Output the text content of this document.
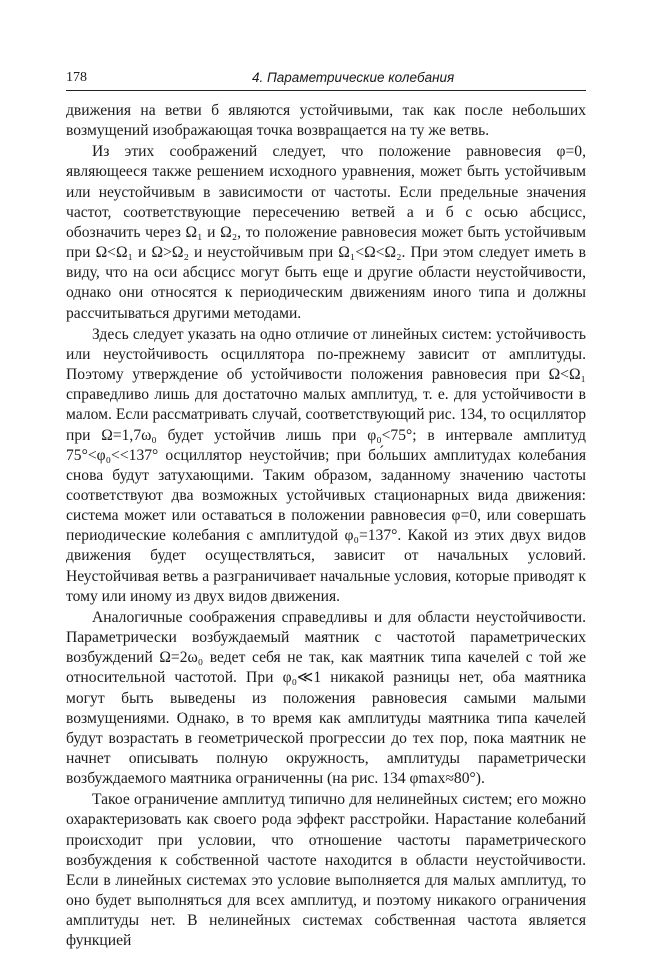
178	4. Параметрические колебания

движения на ветви б являются устойчивыми, так как после небольших возмущений изображающая точка возвращается на ту же ветвь.

Из этих соображений следует, что положение равновесия φ=0, являющееся также решением исходного уравнения, может быть устойчивым или неустойчивым в зависимости от частоты. Если предельные значения частот, соответствующие пересечению ветвей а и б с осью абсцисс, обозначить через Ω₁ и Ω₂, то положение равновесия может быть устойчивым при Ω<Ω₁ и Ω>Ω₂ и неустойчивым при Ω₁<Ω<Ω₂. При этом следует иметь в виду, что на оси абсцисс могут быть еще и другие области неустойчивости, однако они относятся к периодическим движениям иного типа и должны рассчитываться другими методами.

Здесь следует указать на одно отличие от линейных систем: устойчивость или неустойчивость осциллятора по-прежнему зависит от амплитуды. Поэтому утверждение об устойчивости положения равновесия при Ω<Ω₁ справедливо лишь для достаточно малых амплитуд, т. е. для устойчивости в малом. Если рассматривать случай, соответствующий рис. 134, то осциллятор при Ω=1,7ω₀ будет устойчив лишь при φ₀<75°; в интервале амплитуд 75°<φ₀<<137° осциллятор неустойчив; при бо́льших амплитудах колебания снова будут затухающими. Таким образом, заданному значению частоты соответствуют два возможных устойчивых стационарных вида движения: система может или оставаться в положении равновесия φ=0, или совершать периодические колебания с амплитудой φ₀=137°. Какой из этих двух видов движения будет осуществляться, зависит от начальных условий. Неустойчивая ветвь а разграничивает начальные условия, которые приводят к тому или иному из двух видов движения.

Аналогичные соображения справедливы и для области неустойчивости. Параметрически возбуждаемый маятник с частотой параметрических возбуждений Ω=2ω₀ ведет себя не так, как маятник типа качелей с той же относительной частотой. При φ₀≪1 никакой разницы нет, оба маятника могут быть выведены из положения равновесия самыми малыми возмущениями. Однако, в то время как амплитуды маятника типа качелей будут возрастать в геометрической прогрессии до тех пор, пока маятник не начнет описывать полную окружность, амплитуды параметрически возбуждаемого маятника ограниченны (на рис. 134 φmax≈80°).

Такое ограничение амплитуд типично для нелинейных систем; его можно охарактеризовать как своего рода эффект расстройки. Нарастание колебаний происходит при условии, что отношение частоты параметрического возбуждения к собственной частоте находится в области неустойчивости. Если в линейных системах это условие выполняется для малых амплитуд, то оно будет выполняться для всех амплитуд, и поэтому никакого ограничения амплитуды нет. В нелинейных системах собственная частота является функцией
